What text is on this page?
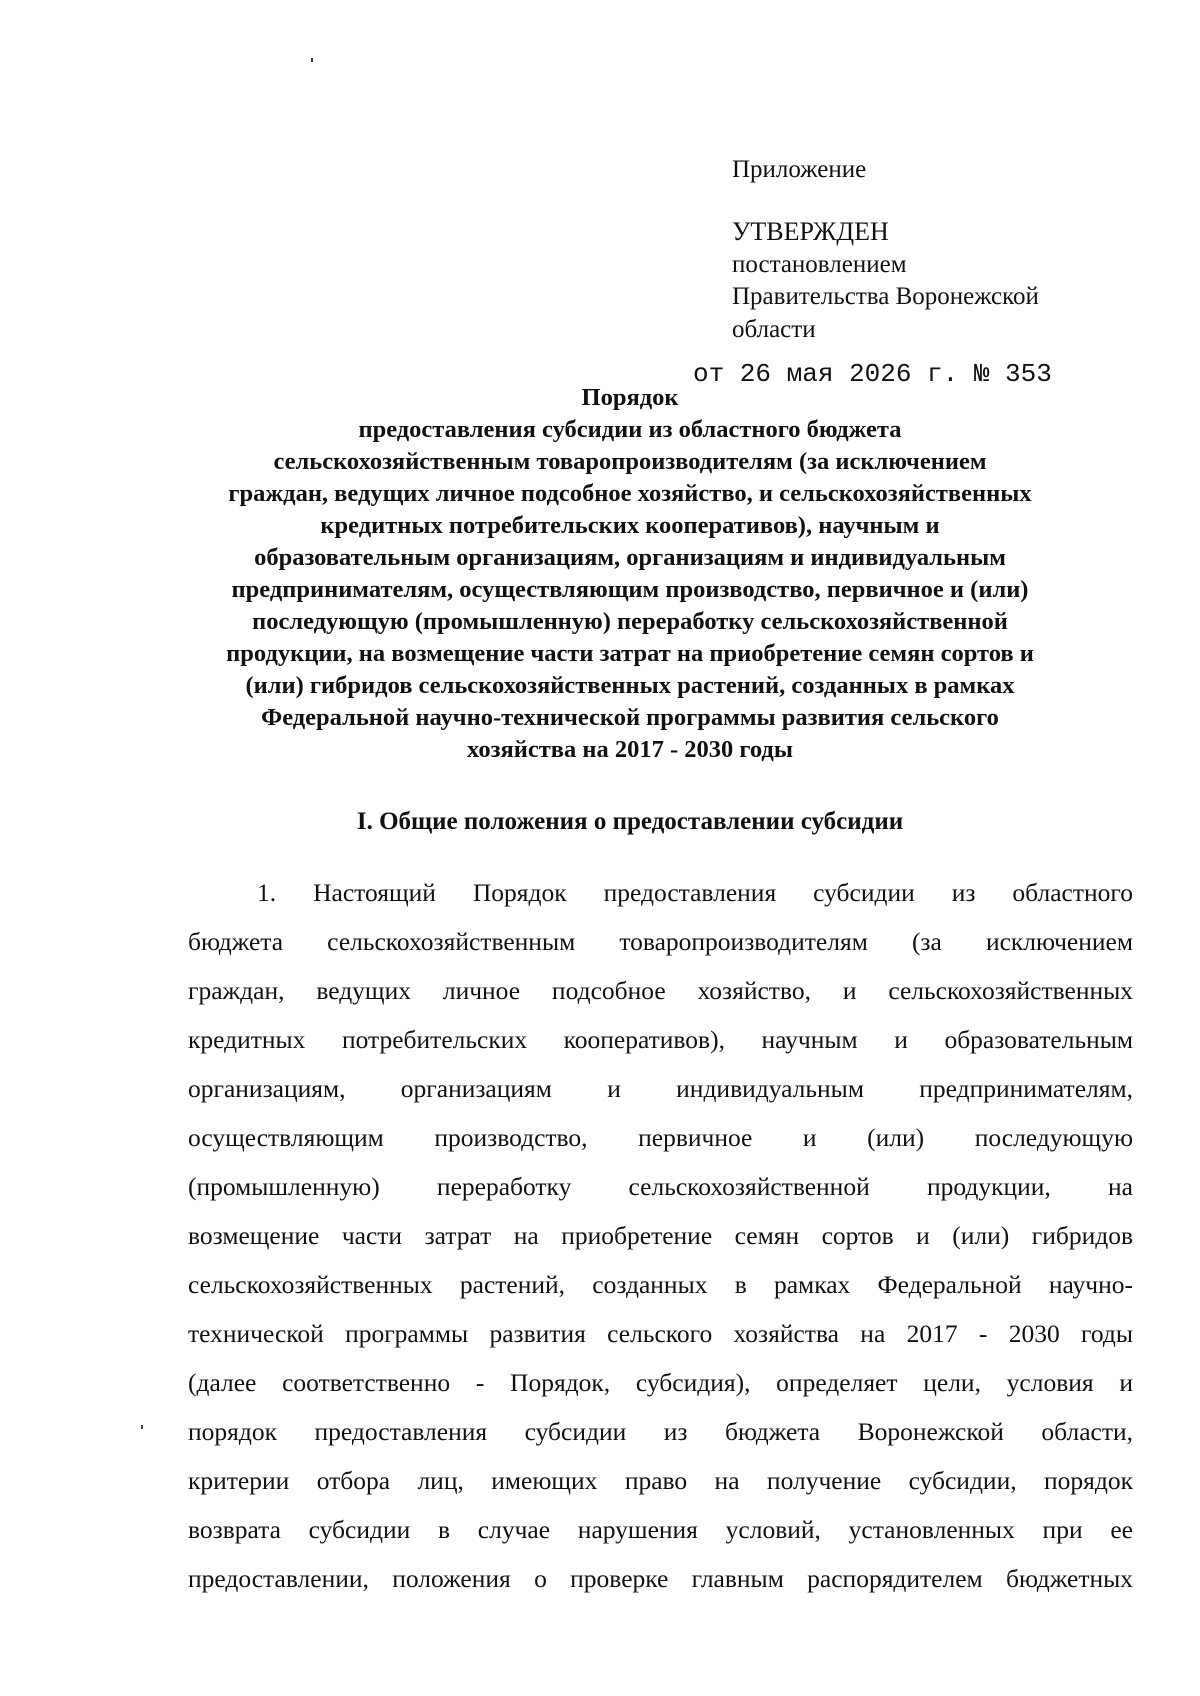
Приложение
УТВЕРЖДЕН
постановлением
Правительства Воронежской
области
от 26 мая 2026 г. № 353
Порядок
предоставления субсидии из областного бюджета
сельскохозяйственным товаропроизводителям (за исключением
граждан, ведущих личное подсобное хозяйство, и сельскохозяйственных
кредитных потребительских кооперативов), научным и
образовательным организациям, организациям и индивидуальным
предпринимателям, осуществляющим производство, первичное и (или)
последующую (промышленную) переработку сельскохозяйственной
продукции, на возмещение части затрат на приобретение семян сортов и
(или) гибридов сельскохозяйственных растений, созданных в рамках
Федеральной научно-технической программы развития сельского
хозяйства на 2017 - 2030 годы
I. Общие положения о предоставлении субсидии
1. Настоящий Порядок предоставления субсидии из областного
бюджета сельскохозяйственным товаропроизводителям (за исключением
граждан, ведущих личное подсобное хозяйство, и сельскохозяйственных
кредитных потребительских кооперативов), научным и образовательным
организациям, организациям и индивидуальным предпринимателям,
осуществляющим производство, первичное и (или) последующую
(промышленную) переработку сельскохозяйственной продукции, на
возмещение части затрат на приобретение семян сортов и (или) гибридов
сельскохозяйственных растений, созданных в рамках Федеральной научно-
технической программы развития сельского хозяйства на 2017 - 2030 годы
(далее соответственно - Порядок, субсидия), определяет цели, условия и
порядок предоставления субсидии из бюджета Воронежской области,
критерии отбора лиц, имеющих право на получение субсидии, порядок
возврата субсидии в случае нарушения условий, установленных при ее
предоставлении, положения о проверке главным распорядителем бюджетных
